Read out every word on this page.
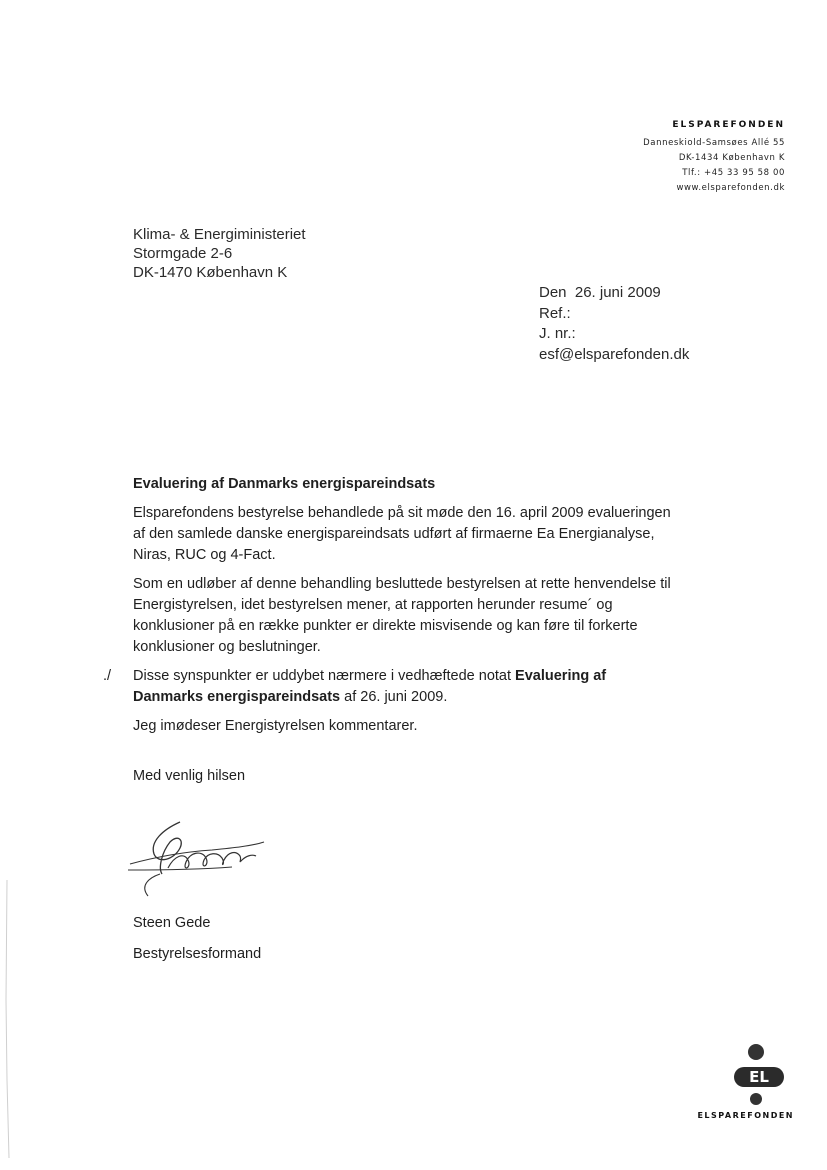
ELSPAREFONDEN
Danneskiold-Samsøes Allé 55
DK-1434 København K
Tlf.: +45 33 95 58 00
www.elsparefonden.dk
Klima- & Energiministeriet
Stormgade 2-6
DK-1470 København K
Den  26. juni 2009
Ref.:
J. nr.:
esf@elsparefonden.dk
Evaluering af Danmarks energispareindsats

Elsparefondens bestyrelse behandlede på sit møde den 16. april 2009 evalueringen af den samlede danske energispareindsats udført af firmaerne Ea Energianalyse, Niras, RUC og 4-Fact.

Som en udløber af denne behandling besluttede bestyrelsen at rette henvendelse til Energistyrelsen, idet bestyrelsen mener, at rapporten herunder resume´ og konklusioner på en række punkter er direkte misvisende og kan føre til forkerte konklusioner og beslutninger.

./ Disse synspunkter er uddybet nærmere i vedhæftede notat Evaluering af Danmarks energispareindsats af 26. juni 2009.

Jeg imødeser Energistyrelsen kommentarer.

Med venlig hilsen
Steen Gede
Bestyrelsesformand
EL
ELSPAREFONDEN
